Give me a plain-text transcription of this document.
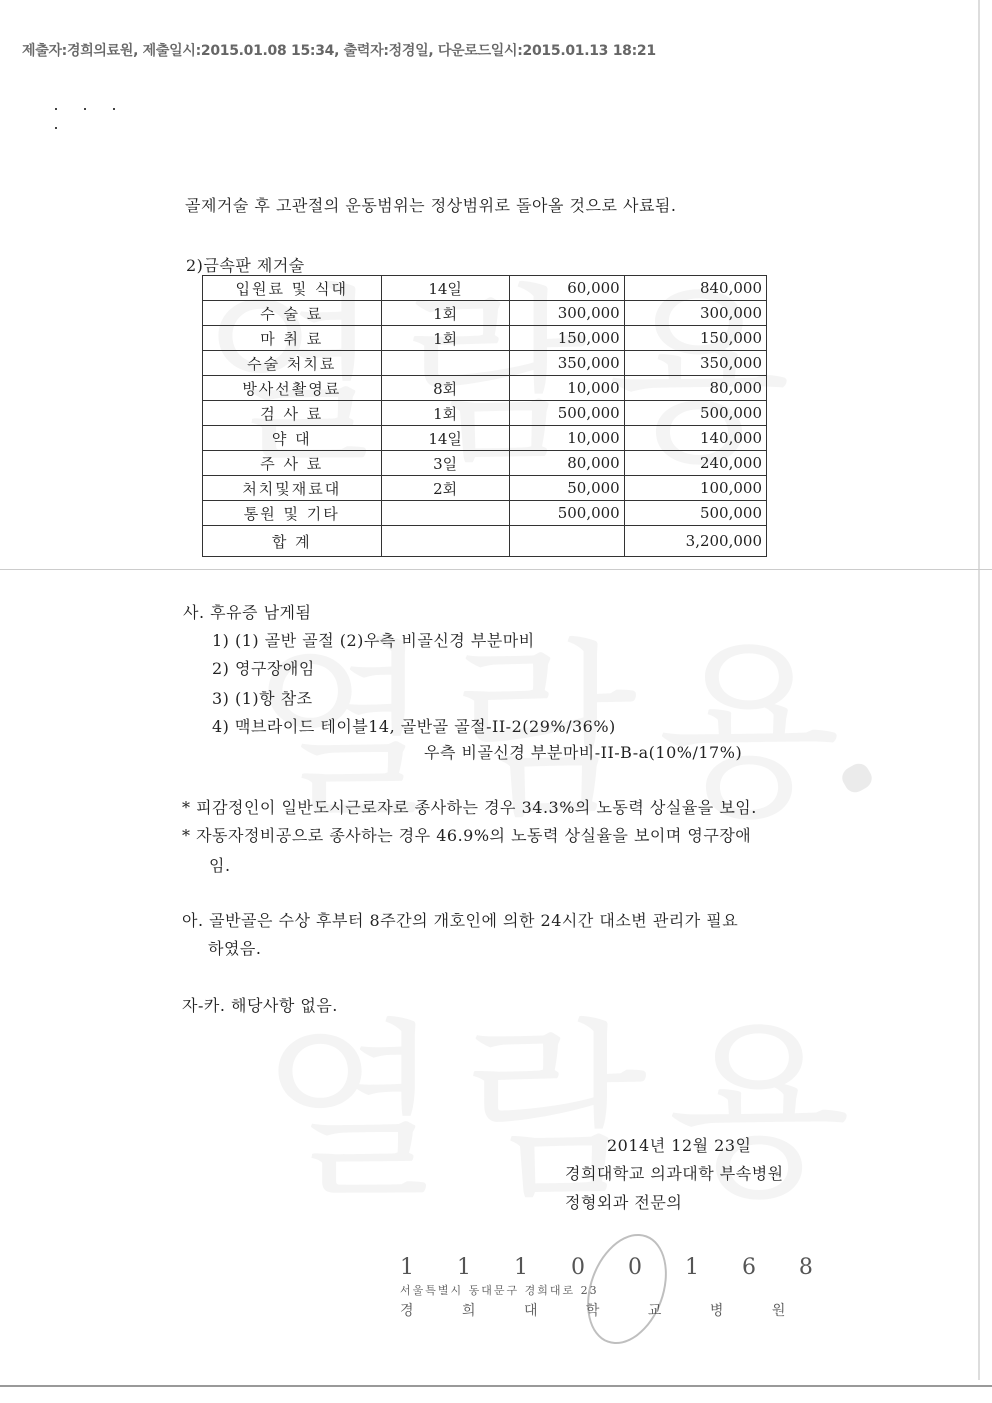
제출자:경희의료원, 제출일시:2015.01.08 15:34, 출력자:정경일, 다운로드일시:2015.01.13 18:21
골제거술 후 고관절의 운동범위는 정상범위로 돌아올 것으로 사료됨.
2)금속판 제거술
입원료 및 식대	14일	60,000	840,000
수 술 료	1회	300,000	300,000
마 취 료	1회	150,000	150,000
수술 처치료		350,000	350,000
방사선촬영료	8회	10,000	80,000
검 사 료	1회	500,000	500,000
약 대	14일	10,000	140,000
주 사 료	3일	80,000	240,000
처치및재료대	2회	50,000	100,000
통원 및 기타		500,000	500,000
합 계			3,200,000
사. 후유증 남게됨
1) (1) 골반 골절 (2)우측 비골신경 부분마비
2) 영구장애임
3) (1)항 참조
4) 맥브라이드 테이블14, 골반골 골절-II-2(29%/36%)
우측 비골신경 부분마비-II-B-a(10%/17%)
* 피감정인이 일반도시근로자로 종사하는 경우 34.3%의 노동력 상실율을 보임.
* 자동자정비공으로 종사하는 경우 46.9%의 노동력 상실율을 보이며 영구장애
임.
아. 골반골은 수상 후부터 8주간의 개호인에 의한 24시간 대소변 관리가 필요
하였음.
자-카. 해당사항 없음.
2014년 12월 23일
경희대학교 의과대학 부속병원
정형외과 전문의
1 1 1 0 0 1 6 8
서울특별시 동대문구 경희대로 23
경 희 대 학 교 병 원
